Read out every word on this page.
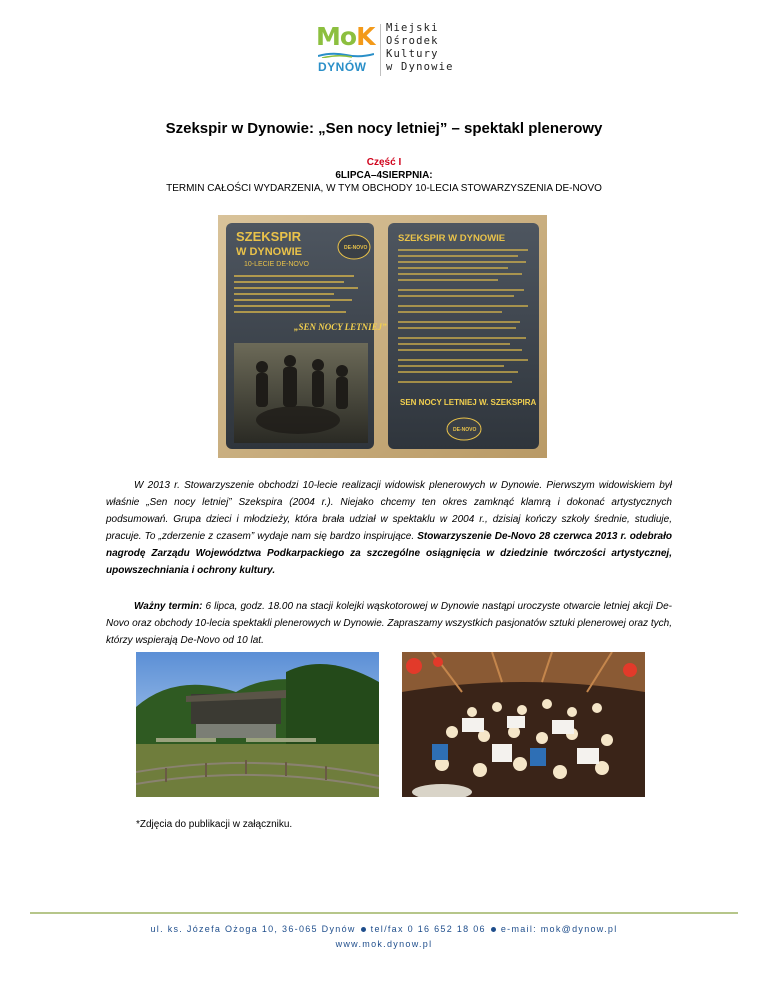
MoK
DYNÓW
Miejski
Ośrodek
Kultury
w Dynowie
Szekspir w Dynowie: „Sen nocy letniej” – spektakl plenerowy
Część I
6LIPCA–4SIERPNIA:
TERMIN CAŁOŚCI WYDARZENIA, W TYM OBCHODY 10-LECIA STOWARZYSZENIA DE-NOVO
SZEKSPIR
W DYNOWIE
10-LECIE DE-NOVO
DE-NOVO
„SEN NOCY LETNIEJ”
SZEKSPIR W DYNOWIE
SEN NOCY LETNIEJ W. SZEKSPIRA
DE-NOVO

W 2013 r. Stowarzyszenie obchodzi 10-lecie realizacji widowisk plenerowych w Dynowie. Pierwszym widowiskiem był właśnie „Sen nocy letniej” Szekspira (2004 r.). Niejako chcemy ten okres zamknąć klamrą i dokonać artystycznych podsumowań. Grupa dzieci i młodzieży, która brała udział w spektaklu w 2004 r., dzisiaj kończy szkoły średnie, studiuje, pracuje. To „zderzenie z czasem” wydaje nam się bardzo inspirujące. Stowarzyszenie De-Novo 28 czerwca 2013 r. odebrało nagrodę Zarządu Województwa Podkarpackiego za szczególne osiągnięcia w dziedzinie twórczości artystycznej, upowszechniania i ochrony kultury.

Ważny termin: 6 lipca, godz. 18.00 na stacji kolejki wąskotorowej w Dynowie nastąpi uroczyste otwarcie letniej akcji De-Novo oraz obchody 10-lecia spektakli plenerowych w Dynowie. Zapraszamy wszystkich pasjonatów sztuki plenerowej oraz tych, którzy wspierają De-Novo od 10 lat.

*Zdjęcia do publikacji w załączniku.
ul. ks. Józefa Ożoga 10, 36-065 Dynów tel/fax 0 16 652 18 06 e-mail: mok@dynow.pl
www.mok.dynow.pl
